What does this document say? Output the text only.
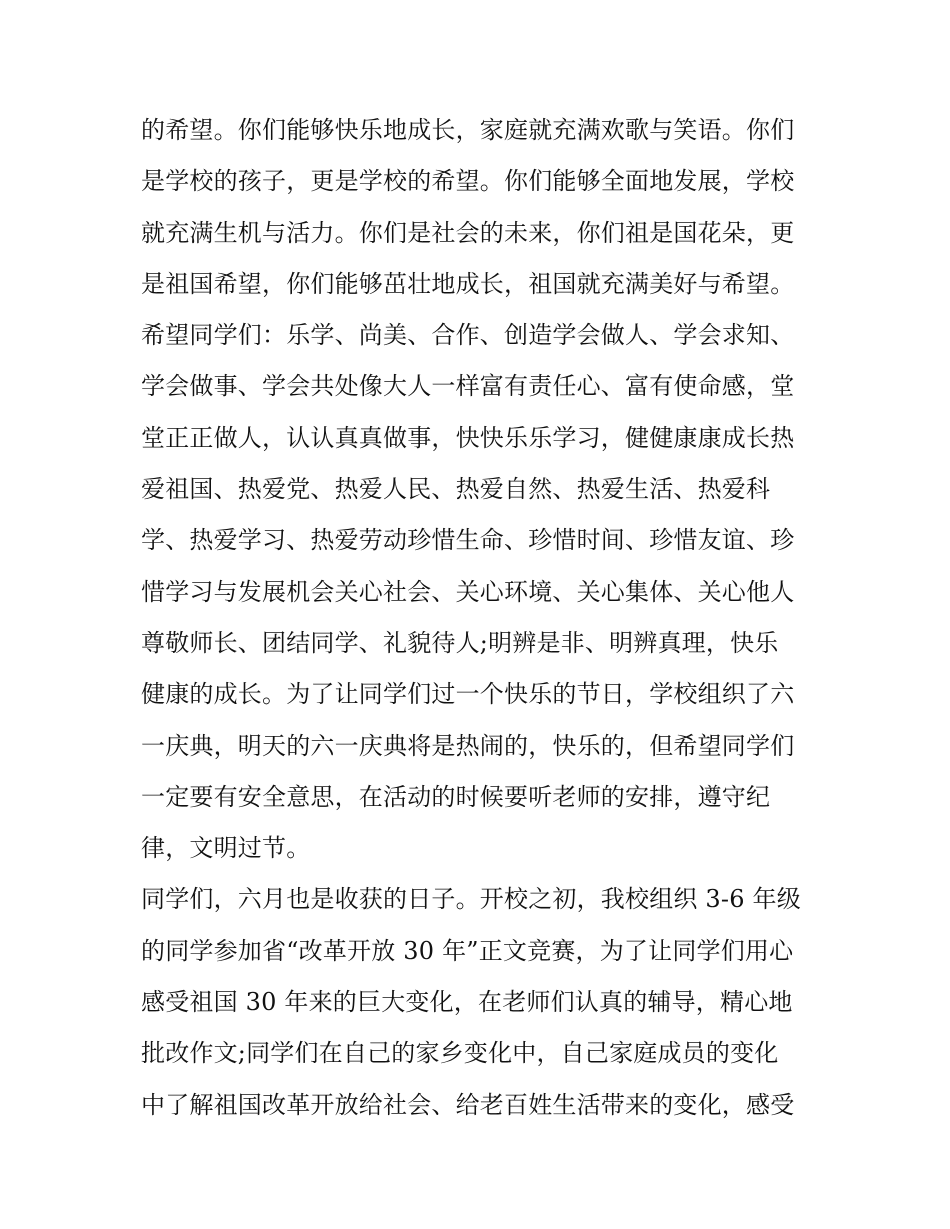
的希望。你们能够快乐地成长，家庭就充满欢歌与笑语。你们
是学校的孩子，更是学校的希望。你们能够全面地发展，学校
就充满生机与活力。你们是社会的未来，你们祖是国花朵，更
是祖国希望，你们能够茁壮地成长，祖国就充满美好与希望。
希望同学们：乐学、尚美、合作、创造学会做人、学会求知、
学会做事、学会共处像大人一样富有责任心、富有使命感，堂
堂正正做人，认认真真做事，快快乐乐学习，健健康康成长热
爱祖国、热爱党、热爱人民、热爱自然、热爱生活、热爱科
学、热爱学习、热爱劳动珍惜生命、珍惜时间、珍惜友谊、珍
惜学习与发展机会关心社会、关心环境、关心集体、关心他人
尊敬师长、团结同学、礼貌待人;明辨是非、明辨真理，快乐
健康的成长。为了让同学们过一个快乐的节日，学校组织了六
一庆典，明天的六一庆典将是热闹的，快乐的，但希望同学们
一定要有安全意思，在活动的时候要听老师的安排，遵守纪
律，文明过节。
同学们，六月也是收获的日子。开校之初，我校组织 3-6 年级
的同学参加省“改革开放 30 年”正文竞赛，为了让同学们用心
感受祖国 30 年来的巨大变化，在老师们认真的辅导，精心地
批改作文;同学们在自己的家乡变化中，自己家庭成员的变化
中了解祖国改革开放给社会、给老百姓生活带来的变化，感受
